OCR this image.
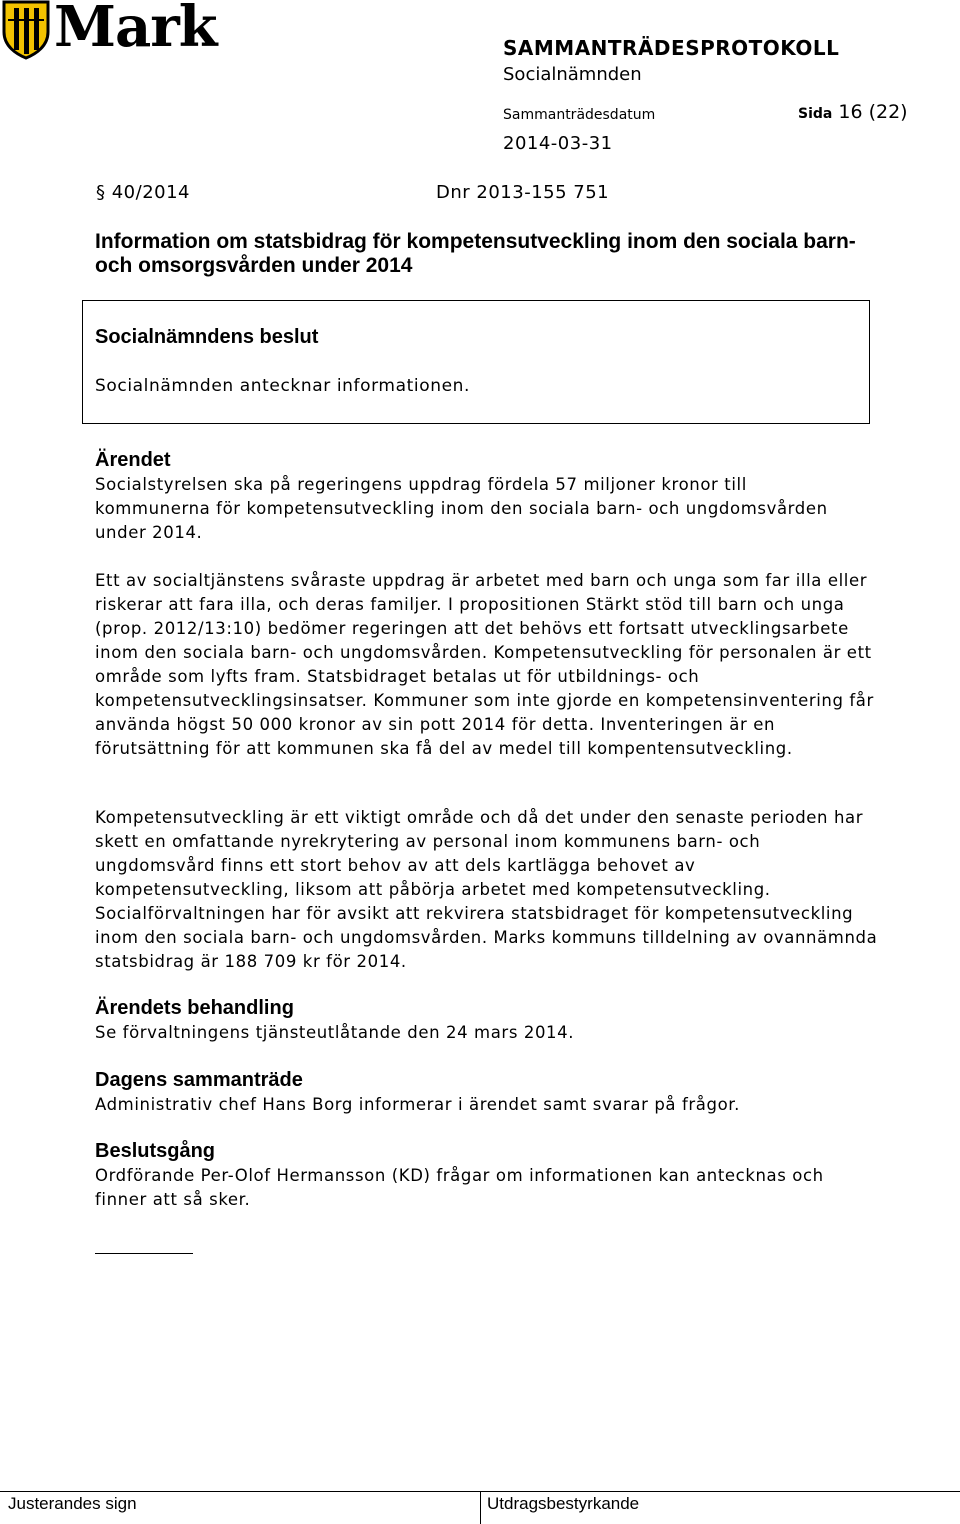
Mark	SAMMANTRÄDESPROTOKOLL
Socialnämnden
Sammanträdesdatum	Sida 16 (22)
2014-03-31
§ 40/2014	Dnr 2013-155 751
Information om statsbidrag för kompetensutveckling inom den sociala barn- och omsorgsvården under 2014
Socialnämndens beslut
Socialnämnden antecknar informationen.
Ärendet
Socialstyrelsen ska på regeringens uppdrag fördela 57 miljoner kronor till kommunerna för kompetensutveckling inom den sociala barn- och ungdomsvården under 2014.
Ett av socialtjänstens svåraste uppdrag är arbetet med barn och unga som far illa eller riskerar att fara illa, och deras familjer. I propositionen Stärkt stöd till barn och unga (prop. 2012/13:10) bedömer regeringen att det behövs ett fortsatt utvecklingsarbete inom den sociala barn- och ungdomsvården. Kompetensutveckling för personalen är ett område som lyfts fram. Statsbidraget betalas ut för utbildnings- och kompetensutvecklingsinsatser. Kommuner som inte gjorde en kompetensinventering får använda högst 50 000 kronor av sin pott 2014 för detta. Inventeringen är en förutsättning för att kommunen ska få del av medel till kompentensutveckling.
Kompetensutveckling är ett viktigt område och då det under den senaste perioden har skett en omfattande nyrekrytering av personal inom kommunens barn- och ungdomsvård finns ett stort behov av att dels kartlägga behovet av kompetensutveckling, liksom att påbörja arbetet med kompetensutveckling. Socialförvaltningen har för avsikt att rekvirera statsbidraget för kompetensutveckling inom den sociala barn- och ungdomsvården. Marks kommuns tilldelning av ovannämnda statsbidrag är 188 709 kr för 2014.
Ärendets behandling
Se förvaltningens tjänsteutlåtande den 24 mars 2014.
Dagens sammanträde
Administrativ chef Hans Borg informerar i ärendet samt svarar på frågor.
Beslutsgång
Ordförande Per-Olof Hermansson (KD) frågar om informationen kan antecknas och finner att så sker.
Justerandes sign	Utdragsbestyrkande
